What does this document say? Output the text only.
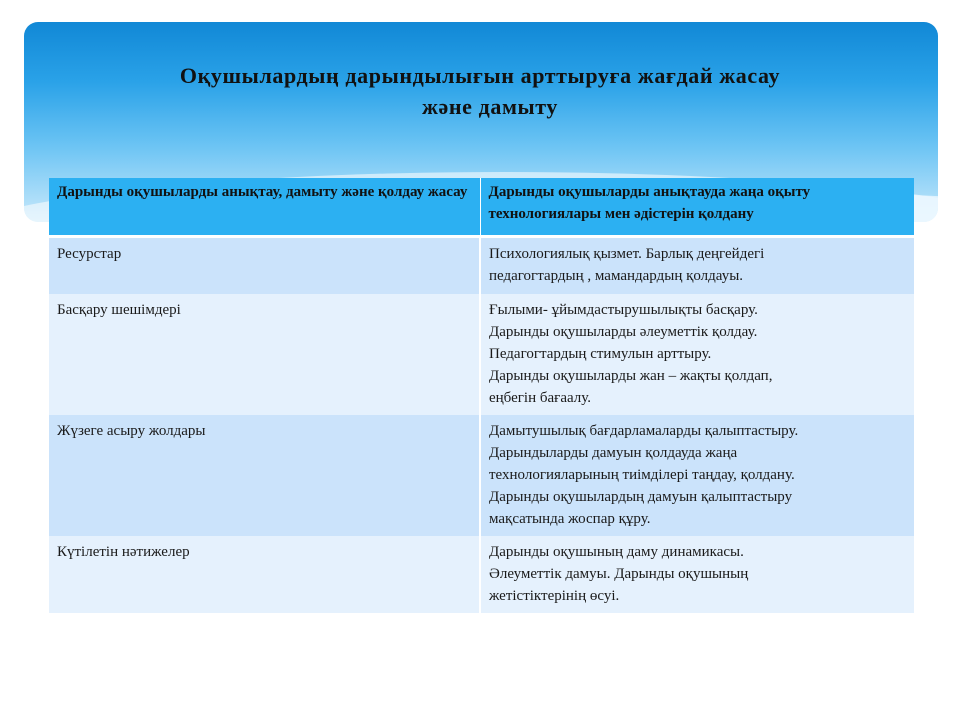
Оқушылардың дарындылығын арттыруға жағдай жасау
және дамыту
Дарынды оқушыларды анықтау, дамыту және қолдау жасау	Дарынды оқушыларды анықтауда жаңа оқыту технологиялары мен әдістерін қолдану
Ресурстар	Психологиялық қызмет. Барлық деңгейдегі
педагогтардың , мамандардың қолдауы.

Басқару шешімдері	Ғылыми- ұйымдастырушылықты басқару.
Дарынды оқушыларды әлеуметтік қолдау.
Педагогтардың стимулын арттыру.
Дарынды оқушыларды жан – жақты қолдап,
еңбегін бағаалу.

Жүзеге асыру жолдары	Дамытушылық бағдарламаларды қалыптастыру.
Дарындыларды дамуын қолдауда жаңа
технологияларының тиімділері таңдау, қолдану.
Дарынды оқушылардың дамуын қалыптастыру
мақсатында жоспар құру.

Күтілетін нәтижелер	Дарынды оқушының даму динамикасы.
Әлеуметтік дамуы. Дарынды оқушының
жетістіктерінің өсуі.
